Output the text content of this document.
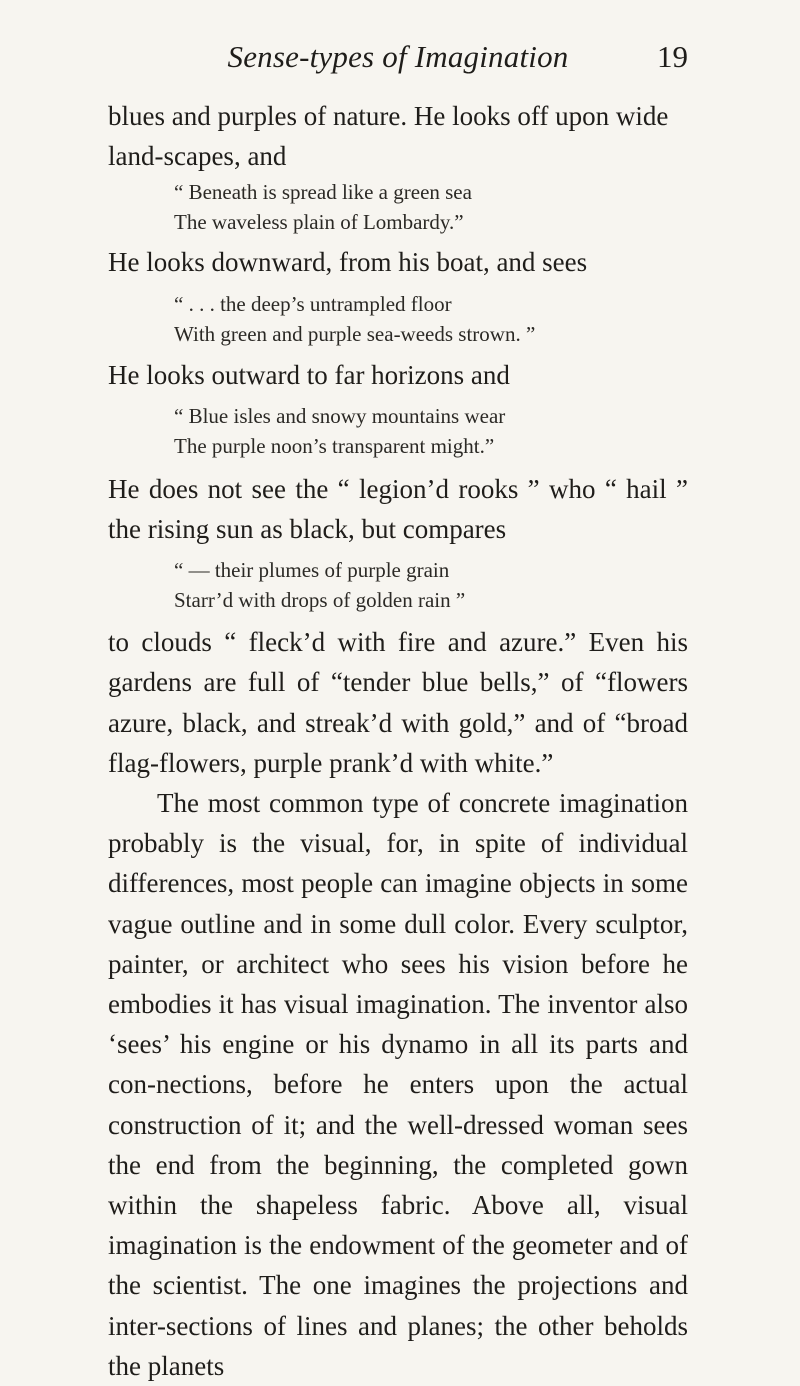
Sense-types of Imagination	19

blues and purples of nature. He looks off upon wide land-scapes, and

“ Beneath is spread like a green sea
The waveless plain of Lombardy.”

He looks downward, from his boat, and sees

“ . . . the deep’s untrampled floor
With green and purple sea-weeds strown. ”

He looks outward to far horizons and

“ Blue isles and snowy mountains wear
The purple noon’s transparent might.”

He does not see the “ legion’d rooks ” who “ hail ” the rising sun as black, but compares

“ — their plumes of purple grain
Starr’d with drops of golden rain ”

to clouds “ fleck’d with fire and azure.” Even his gardens are full of “tender blue bells,” of “flowers azure, black, and streak’d with gold,” and of “broad flag-flowers, purple prank’d with white.”

The most common type of concrete imagination probably is the visual, for, in spite of individual differences, most people can imagine objects in some vague outline and in some dull color. Every sculptor, painter, or architect who sees his vision before he embodies it has visual imagination. The inventor also ‘sees’ his engine or his dynamo in all its parts and con-nections, before he enters upon the actual construction of it; and the well-dressed woman sees the end from the beginning, the completed gown within the shapeless fabric. Above all, visual imagination is the endowment of the geometer and of the scientist. The one imagines the projections and inter-sections of lines and planes; the other beholds the planets
